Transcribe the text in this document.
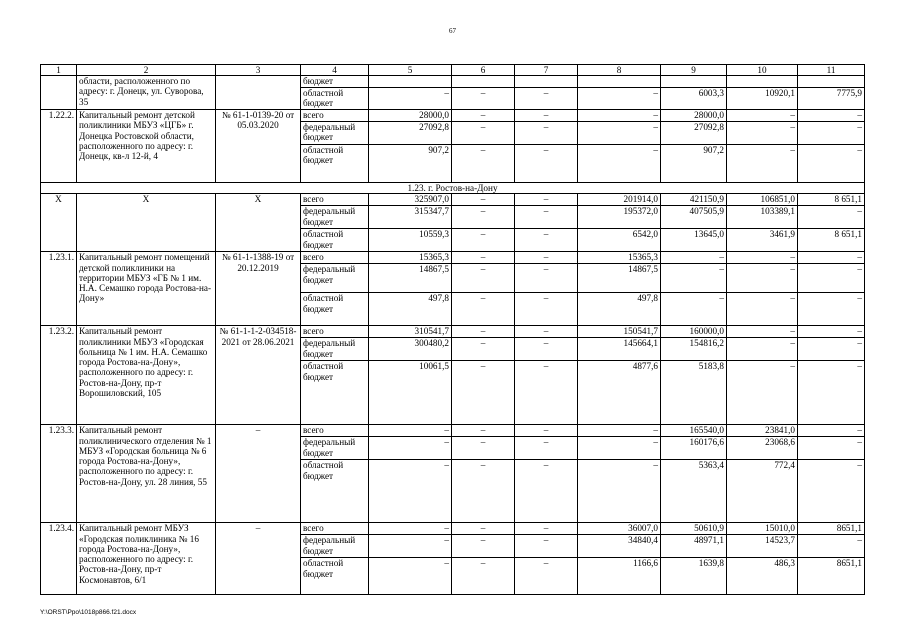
67
1	2	3	4	5	6	7	8	9	10	11
	области, расположенного по адресу: г. Донецк, ул. Суворова, 35		бюджет							
			областной бюджет	–	–	–	–	6003,3	10920,1	7775,9
1.22.2.	Капитальный ремонт детской поликлиники МБУЗ «ЦГБ» г. Донецка Ростовской области, расположенного по адресу: г. Донецк, кв-л 12-й, 4	№ 61-1-0139-20 от 05.03.2020	всего	28000,0	–	–	–	28000,0	–	–
			федеральный бюджет	27092,8	–	–	–	27092,8	–	–
			областной бюджет	907,2	–	–	–	907,2	–	–
1.23. г. Ростов-на-Дону										
Х	Х	Х	всего	325907,0	–	–	201914,0	421150,9	106851,0	8 651,1
			федеральный бюджет	315347,7	–	–	195372,0	407505,9	103389,1	–
			областной бюджет	10559,3	–	–	6542,0	13645,0	3461,9	8 651,1
1.23.1.	Капитальный ремонт помещений детской поликлиники на территории МБУЗ «ГБ № 1 им. Н.А. Семашко города Ростова-на-Дону»	№ 61-1-1388-19 от 20.12.2019	всего	15365,3	–	–	15365,3	–	–	–
			федеральный бюджет	14867,5	–	–	14867,5	–	–	–
			областной бюджет	497,8	–	–	497,8	–	–	–
1.23.2.	Капитальный ремонт поликлиники МБУЗ «Городская больница № 1 им. Н.А. Семашко города Ростова-на-Дону», расположенного по адресу: г. Ростов-на-Дону, пр-т Ворошиловский, 105	№ 61-1-1-2-034518-2021 от 28.06.2021	всего	310541,7	–	–	150541,7	160000,0	–	–
			федеральный бюджет	300480,2	–	–	145664,1	154816,2	–	–
			областной бюджет	10061,5	–	–	4877,6	5183,8	–	–
1.23.3.	Капитальный ремонт поликлинического отделения № 1 МБУЗ «Городская больница № 6 города Ростова-на-Дону», расположенного по адресу: г. Ростов-на-Дону, ул. 28 линия, 55	–	всего	–	–	–	–	165540,0	23841,0	–
			федеральный бюджет	–	–	–	–	160176,6	23068,6	–
			областной бюджет	–	–	–	–	5363,4	772,4	–
1.23.4.	Капитальный ремонт МБУЗ «Городская поликлиника № 16 города Ростова-на-Дону», расположенного по адресу: г. Ростов-на-Дону, пр-т Космонавтов, 6/1	–	всего	–	–	–	36007,0	50610,9	15010,0	8651,1
			федеральный бюджет	–	–	–	34840,4	48971,1	14523,7	–
			областной бюджет	–	–	–	1166,6	1639,8	486,3	8651,1
Y:\ORST\Ppo\1018p866.f21.docx
